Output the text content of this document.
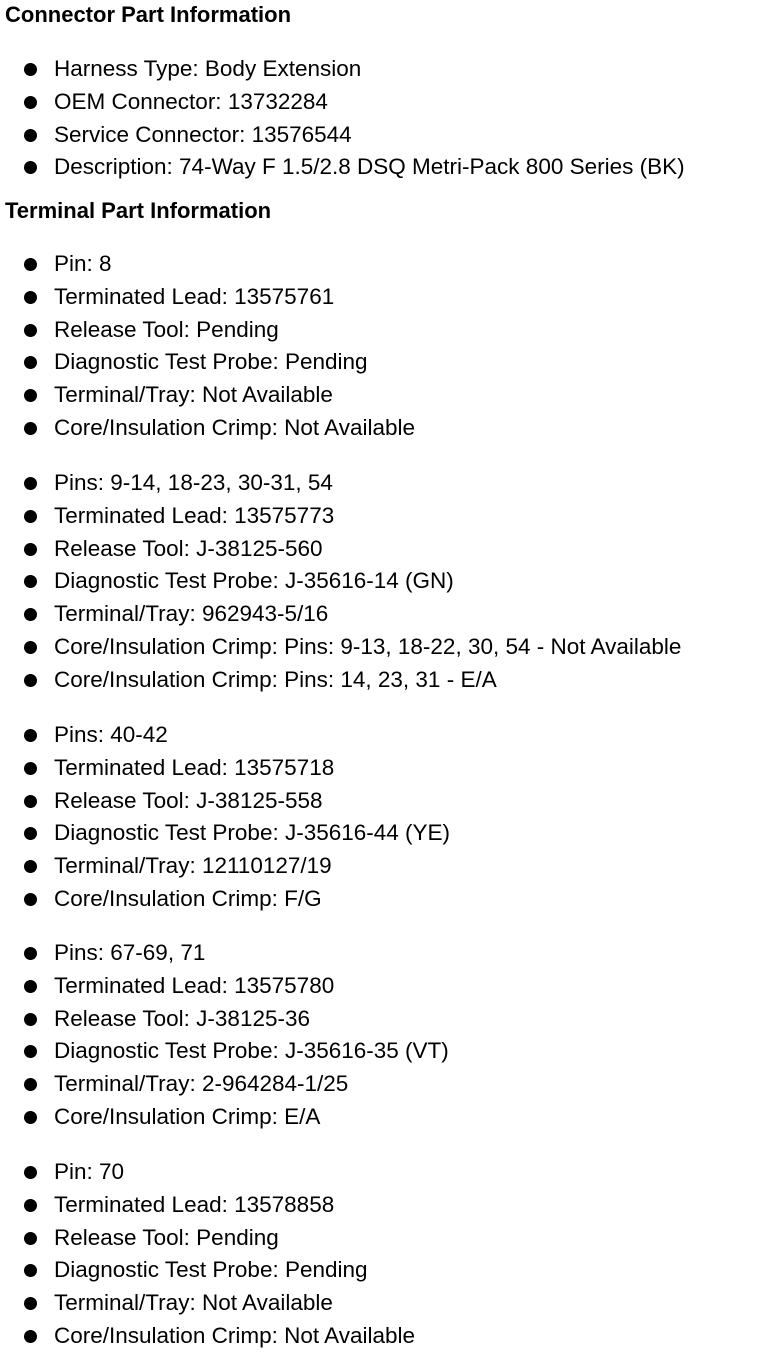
Connector Part Information
Harness Type: Body Extension
OEM Connector: 13732284
Service Connector: 13576544
Description: 74-Way F 1.5/2.8 DSQ Metri-Pack 800 Series (BK)
Terminal Part Information
Pin: 8
Terminated Lead: 13575761
Release Tool: Pending
Diagnostic Test Probe: Pending
Terminal/Tray: Not Available
Core/Insulation Crimp: Not Available
Pins: 9-14, 18-23, 30-31, 54
Terminated Lead: 13575773
Release Tool: J-38125-560
Diagnostic Test Probe: J-35616-14 (GN)
Terminal/Tray: 962943-5/16
Core/Insulation Crimp: Pins: 9-13, 18-22, 30, 54 - Not Available
Core/Insulation Crimp: Pins: 14, 23, 31 - E/A
Pins: 40-42
Terminated Lead: 13575718
Release Tool: J-38125-558
Diagnostic Test Probe: J-35616-44 (YE)
Terminal/Tray: 12110127/19
Core/Insulation Crimp: F/G
Pins: 67-69, 71
Terminated Lead: 13575780
Release Tool: J-38125-36
Diagnostic Test Probe: J-35616-35 (VT)
Terminal/Tray: 2-964284-1/25
Core/Insulation Crimp: E/A
Pin: 70
Terminated Lead: 13578858
Release Tool: Pending
Diagnostic Test Probe: Pending
Terminal/Tray: Not Available
Core/Insulation Crimp: Not Available
